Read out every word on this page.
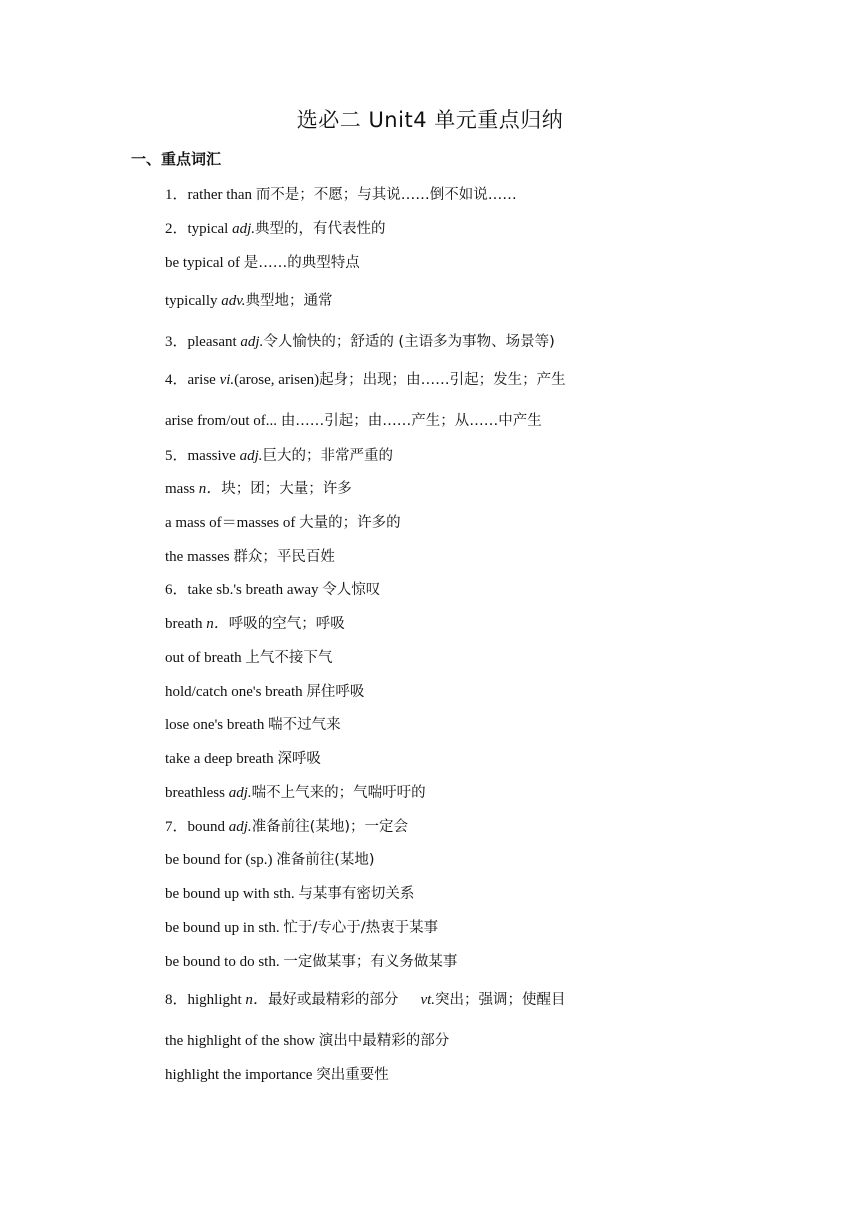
选必二 Unit4 单元重点归纳
一、重点词汇
1．rather than 而不是；不愿；与其说……倒不如说……
2．typical adj.典型的，有代表性的
be typical of 是……的典型特点
typically adv.典型地；通常
3．pleasant adj.令人愉快的；舒适的 (主语多为事物、场景等)
4．arise vi.(arose, arisen)起身；出现；由……引起；发生；产生
arise from/out of... 由……引起；由……产生；从……中产生
5．massive adj.巨大的；非常严重的
mass n．块；团；大量；许多
a mass of＝masses of 大量的；许多的
the masses 群众；平民百姓
6．take sb.'s breath away 令人惊叹
breath n．呼吸的空气；呼吸
out of breath 上气不接下气
hold/catch one's breath 屏住呼吸
lose one's breath 喘不过气来
take a deep breath 深呼吸
breathless adj.喘不上气来的；气喘吁吁的
7．bound adj.准备前往(某地)；一定会
be bound for (sp.) 准备前往(某地)
be bound up with sth. 与某事有密切关系
be bound up in sth. 忙于/专心于/热衷于某事
be bound to do sth. 一定做某事；有义务做某事
8．highlight n．最好或最精彩的部分 vt.突出；强调；使醒目
the highlight of the show 演出中最精彩的部分
highlight the importance 突出重要性
